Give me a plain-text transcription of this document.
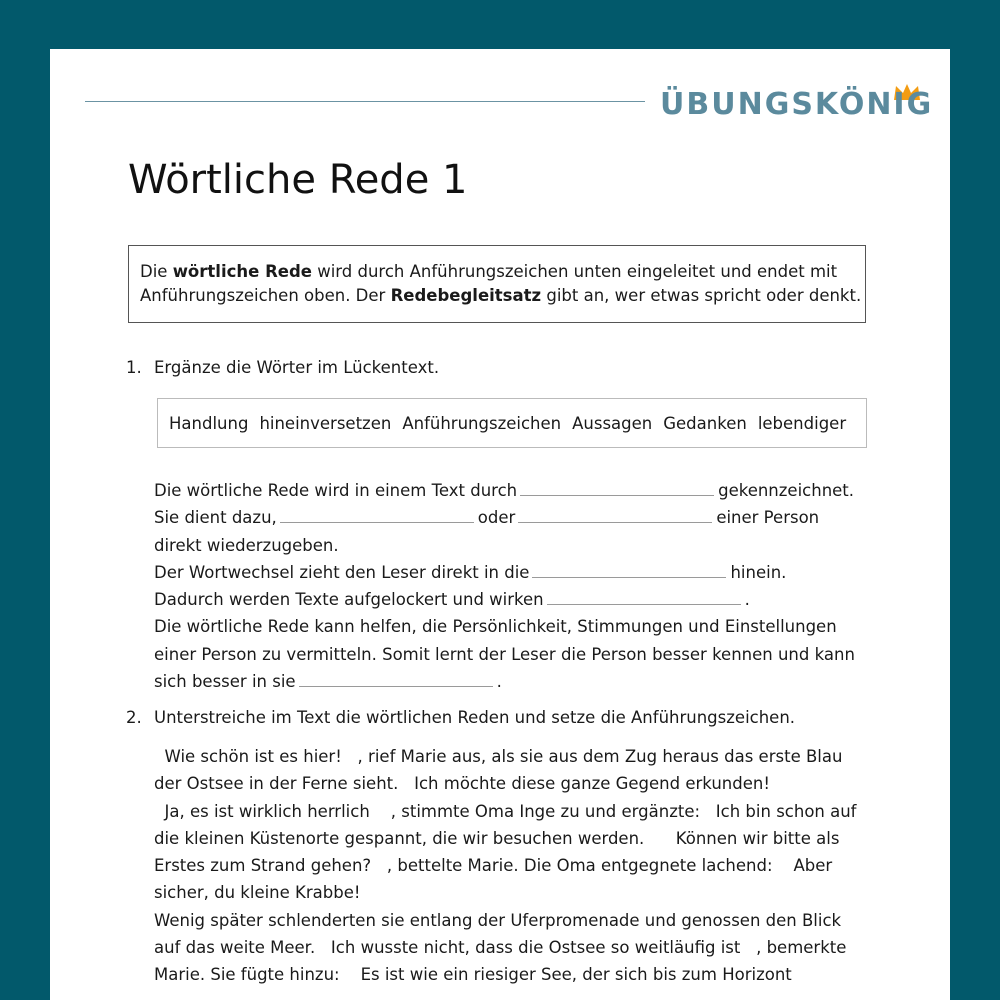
ÜBUNGSKÖNIG
Wörtliche Rede 1
Die wörtliche Rede wird durch Anführungszeichen unten eingeleitet und endet mit
Anführungszeichen oben. Der Redebegleitsatz gibt an, wer etwas spricht oder denkt.
1. Ergänze die Wörter im Lückentext.
Handlung hineinversetzen Anführungszeichen Aussagen Gedanken lebendiger
Die wörtliche Rede wird in einem Text durch	gekennzeichnet.
Sie dient dazu,	oder	einer Person
direkt wiederzugeben.
Der Wortwechsel zieht den Leser direkt in die	hinein.
Dadurch werden Texte aufgelockert und wirken	.
Die wörtliche Rede kann helfen, die Persönlichkeit, Stimmungen und Einstellungen
einer Person zu vermitteln. Somit lernt der Leser die Person besser kennen und kann
sich besser in sie	.
2. Unterstreiche im Text die wörtlichen Reden und setze die Anführungszeichen.
Wie schön ist es hier!   , rief Marie aus, als sie aus dem Zug heraus das erste Blau
der Ostsee in der Ferne sieht.   Ich möchte diese ganze Gegend erkunden!
Ja, es ist wirklich herrlich    , stimmte Oma Inge zu und ergänzte:   Ich bin schon auf
die kleinen Küstenorte gespannt, die wir besuchen werden.      Können wir bitte als
Erstes zum Strand gehen?   , bettelte Marie. Die Oma entgegnete lachend:    Aber
sicher, du kleine Krabbe!
Wenig später schlenderten sie entlang der Uferpromenade und genossen den Blick
auf das weite Meer.   Ich wusste nicht, dass die Ostsee so weitläufig ist   , bemerkte
Marie. Sie fügte hinzu:    Es ist wie ein riesiger See, der sich bis zum Horizont
